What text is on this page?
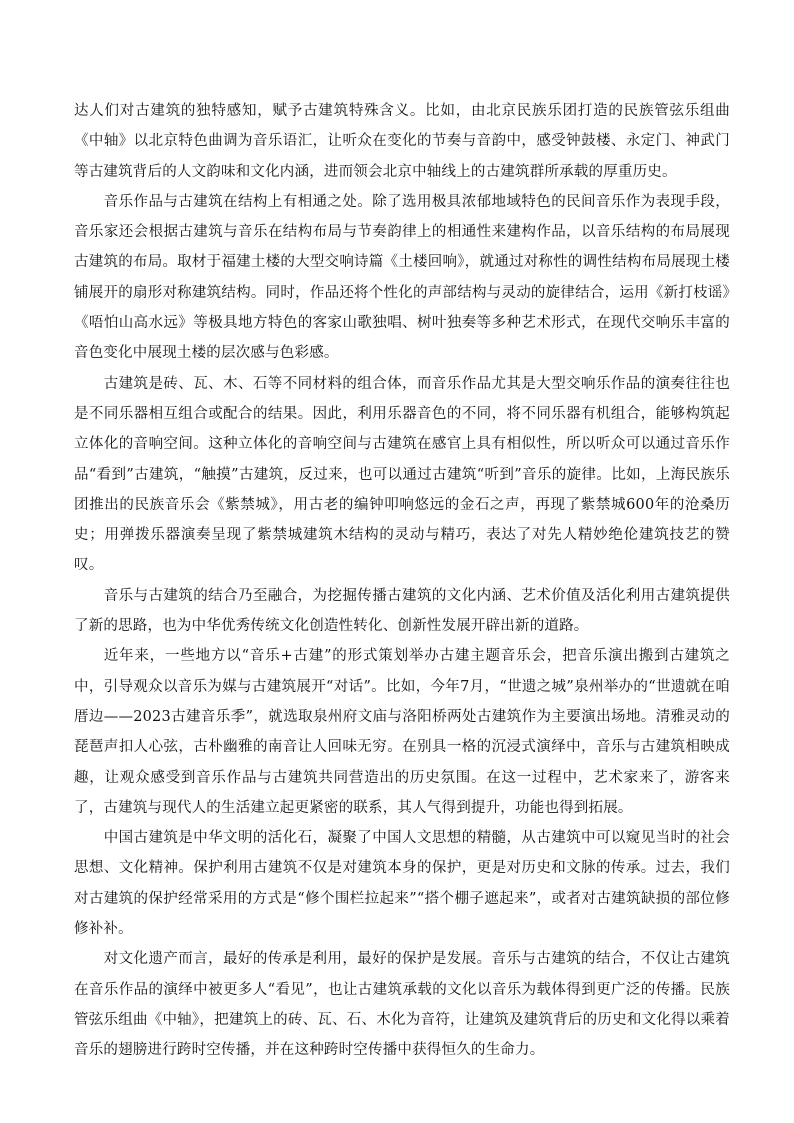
达人们对古建筑的独特感知，赋予古建筑特殊含义。比如，由北京民族乐团打造的民族管弦乐组曲《中轴》以北京特色曲调为音乐语汇，让听众在变化的节奏与音韵中，感受钟鼓楼、永定门、神武门等古建筑背后的人文韵味和文化内涵，进而领会北京中轴线上的古建筑群所承载的厚重历史。

音乐作品与古建筑在结构上有相通之处。除了选用极具浓郁地域特色的民间音乐作为表现手段，音乐家还会根据古建筑与音乐在结构布局与节奏韵律上的相通性来建构作品，以音乐结构的布局展现古建筑的布局。取材于福建土楼的大型交响诗篇《土楼回响》，就通过对称性的调性结构布局展现土楼铺展开的扇形对称建筑结构。同时，作品还将个性化的声部结构与灵动的旋律结合，运用《新打枝谣》《唔怕山高水远》等极具地方特色的客家山歌独唱、树叶独奏等多种艺术形式，在现代交响乐丰富的音色变化中展现土楼的层次感与色彩感。

古建筑是砖、瓦、木、石等不同材料的组合体，而音乐作品尤其是大型交响乐作品的演奏往往也是不同乐器相互组合或配合的结果。因此，利用乐器音色的不同，将不同乐器有机组合，能够构筑起立体化的音响空间。这种立体化的音响空间与古建筑在感官上具有相似性，所以听众可以通过音乐作品“看到”古建筑，“触摸”古建筑，反过来，也可以通过古建筑“听到”音乐的旋律。比如，上海民族乐团推出的民族音乐会《紫禁城》，用古老的编钟叩响悠远的金石之声，再现了紫禁城600年的沧桑历史；用弹拨乐器演奏呈现了紫禁城建筑木结构的灵动与精巧，表达了对先人精妙绝伦建筑技艺的赞叹。

音乐与古建筑的结合乃至融合，为挖掘传播古建筑的文化内涵、艺术价值及活化利用古建筑提供了新的思路，也为中华优秀传统文化创造性转化、创新性发展开辟出新的道路。

近年来，一些地方以“音乐+古建”的形式策划举办古建主题音乐会，把音乐演出搬到古建筑之中，引导观众以音乐为媒与古建筑展开“对话”。比如，今年7月，“世遗之城”泉州举办的“世遗就在咱厝边——2023古建音乐季”，就选取泉州府文庙与洛阳桥两处古建筑作为主要演出场地。清雅灵动的琵琶声扣人心弦，古朴幽雅的南音让人回味无穷。在别具一格的沉浸式演绎中，音乐与古建筑相映成趣，让观众感受到音乐作品与古建筑共同营造出的历史氛围。在这一过程中，艺术家来了，游客来了，古建筑与现代人的生活建立起更紧密的联系，其人气得到提升，功能也得到拓展。

中国古建筑是中华文明的活化石，凝聚了中国人文思想的精髓，从古建筑中可以窥见当时的社会思想、文化精神。保护利用古建筑不仅是对建筑本身的保护，更是对历史和文脉的传承。过去，我们对古建筑的保护经常采用的方式是“修个围栏拉起来”“搭个棚子遮起来”，或者对古建筑缺损的部位修修补补。

对文化遗产而言，最好的传承是利用，最好的保护是发展。音乐与古建筑的结合，不仅让古建筑在音乐作品的演绎中被更多人“看见”，也让古建筑承载的文化以音乐为载体得到更广泛的传播。民族管弦乐组曲《中轴》，把建筑上的砖、瓦、石、木化为音符，让建筑及建筑背后的历史和文化得以乘着音乐的翅膀进行跨时空传播，并在这种跨时空传播中获得恒久的生命力。
